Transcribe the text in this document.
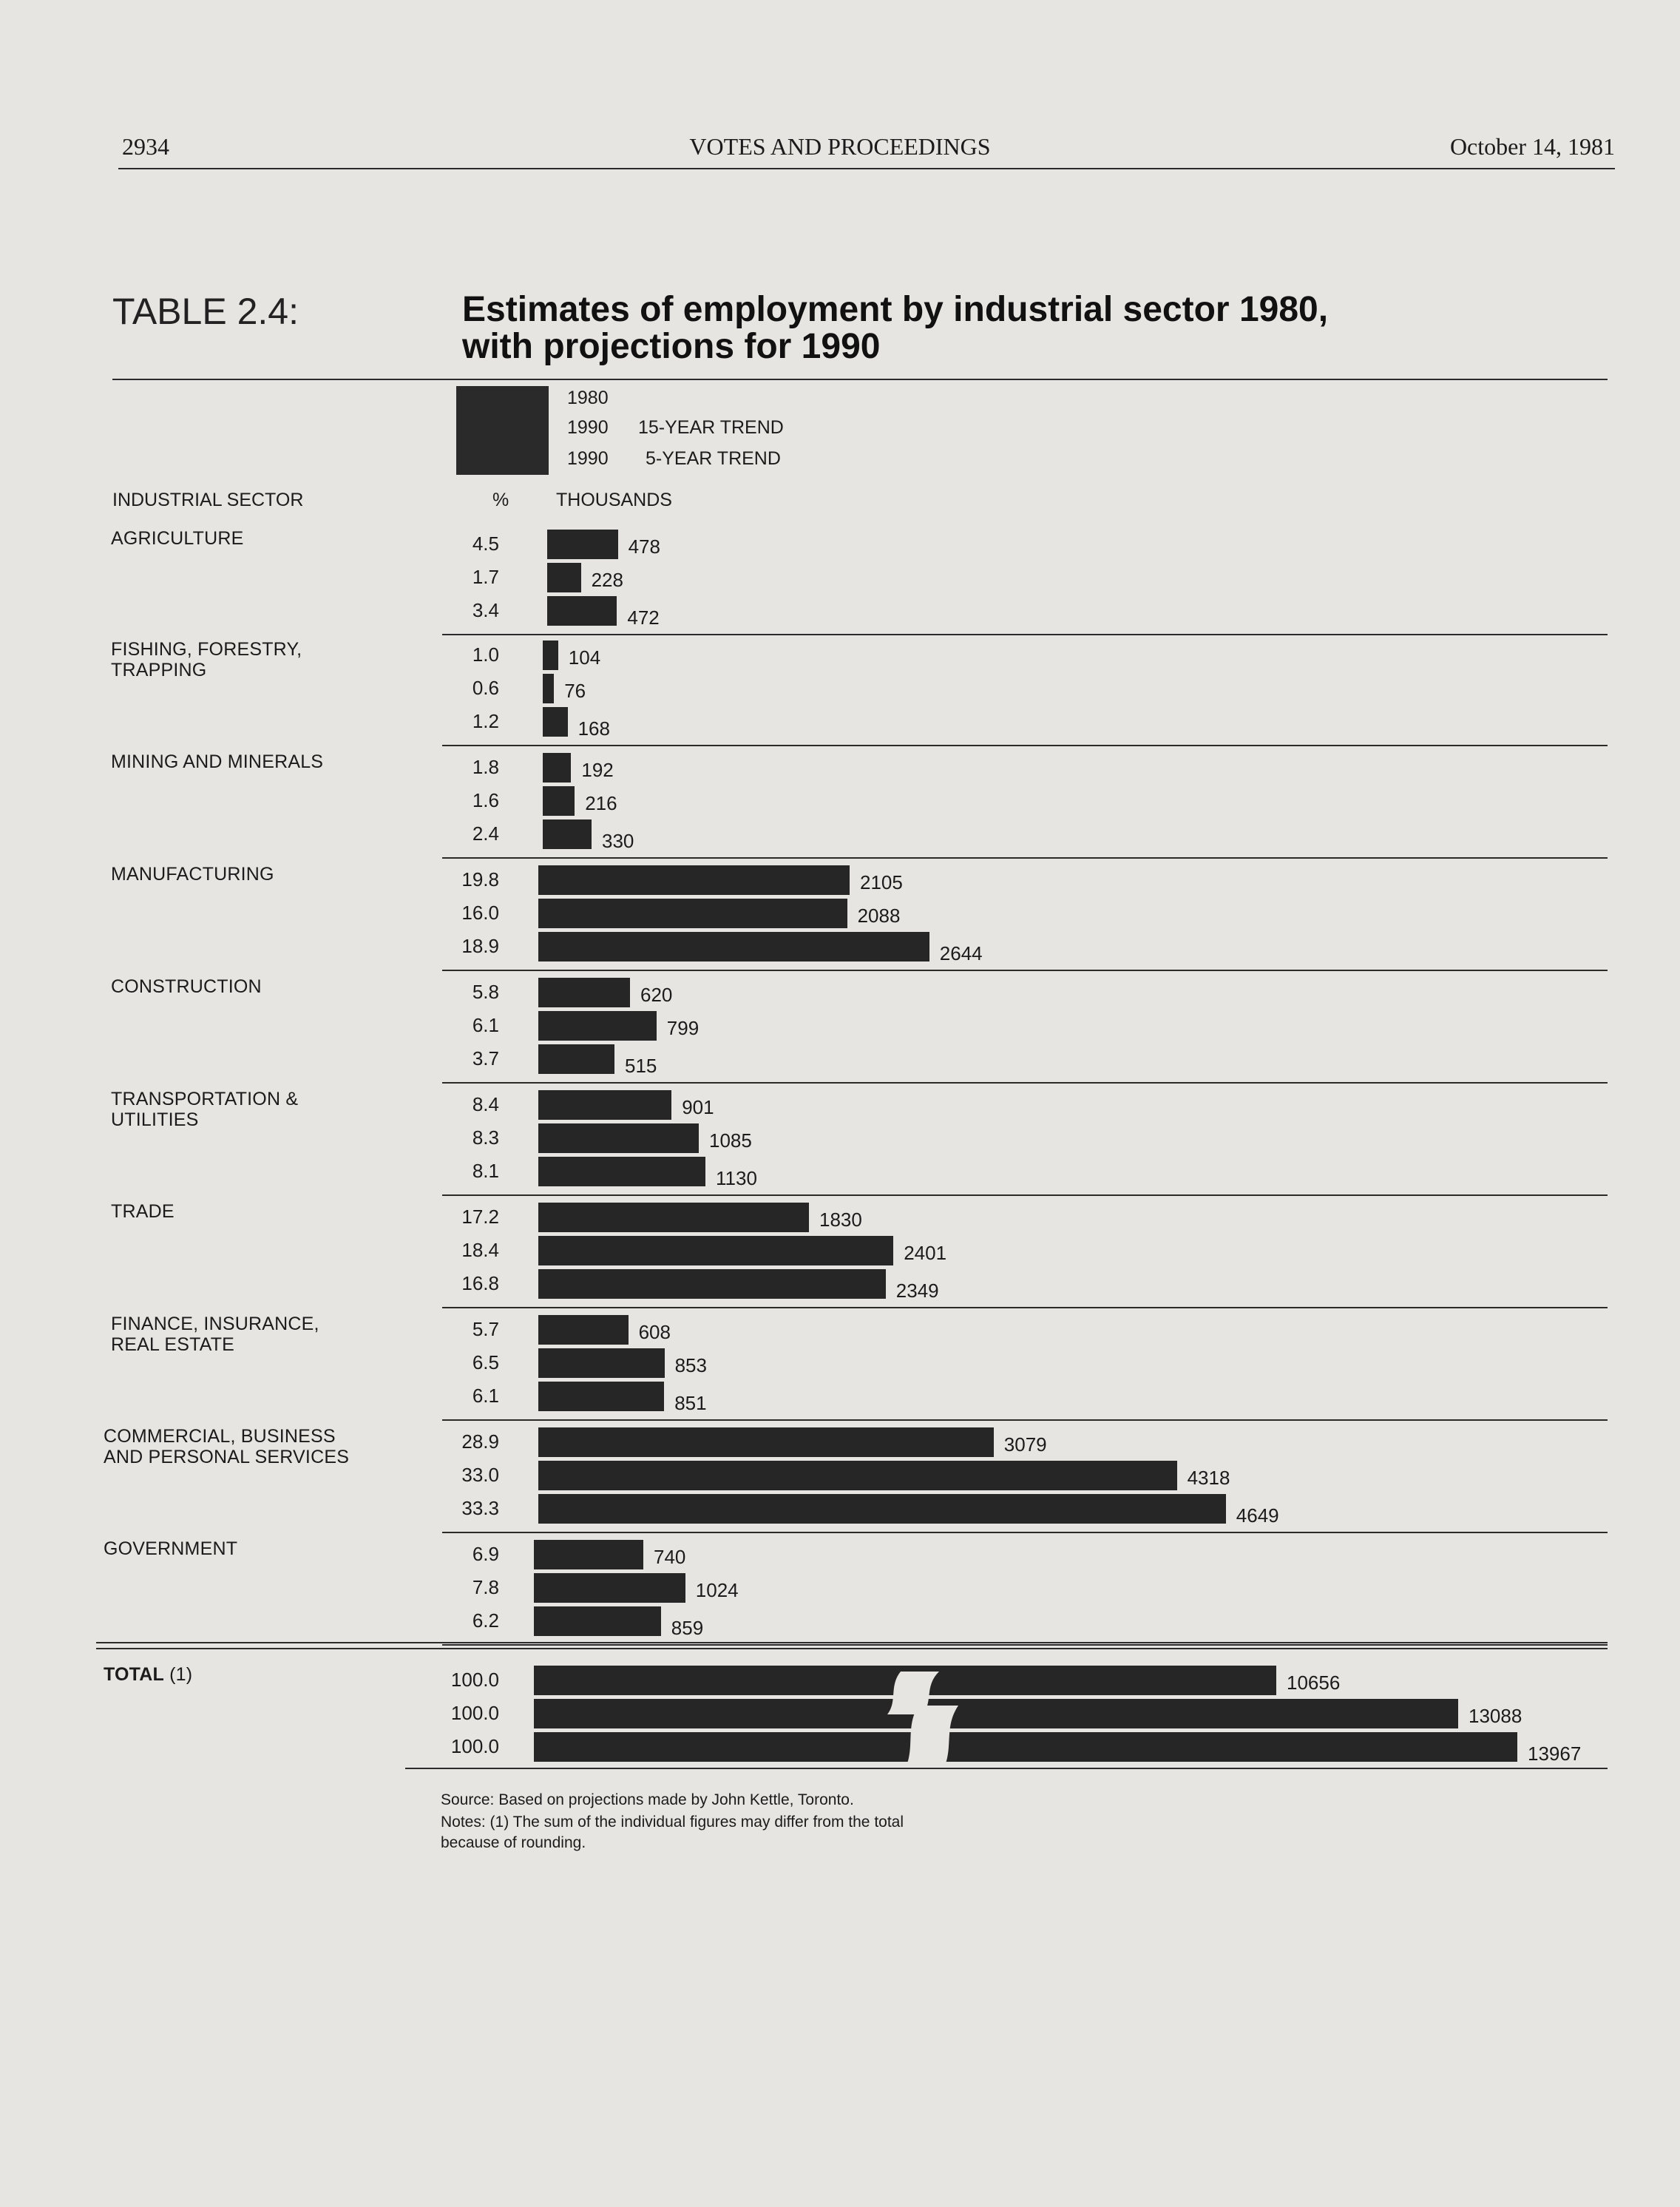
2934	VOTES AND PROCEEDINGS	October 14, 1981

TABLE 2.4:	Estimates of employment by industrial sector 1980,
with projections for 1990
1980
1990 15-YEAR TREND
1990 5-YEAR TREND
INDUSTRIAL SECTOR	%	THOUSANDS
AGRICULTURE	4.5	478
1.7	228
3.4	472
FISHING, FORESTRY,
TRAPPING
1.0	104
0.6	76
1.2	168
MINING AND MINERALS	1.8	192
1.6	216
2.4	330
MANUFACTURING	19.8	2105
16.0	2088
18.9	2644
CONSTRUCTION	5.8	620
6.1	799
3.7	515
TRANSPORTATION &
UTILITIES
8.4	901
8.3	1085
8.1	1130
TRADE	17.2	1830
18.4	2401
16.8	2349
FINANCE, INSURANCE,
REAL ESTATE
5.7	608
6.5	853
6.1	851
COMMERCIAL, BUSINESS
AND PERSONAL SERVICES
28.9	3079
33.0	4318
33.3	4649
GOVERNMENT	6.9	740
7.8	1024
6.2	859
TOTAL (1)	100.0	10656
100.0	13088
100.0	13967
Source: Based on projections made by John Kettle, Toronto.
Notes: (1) The sum of the individual figures may differ from the total
because of rounding.
